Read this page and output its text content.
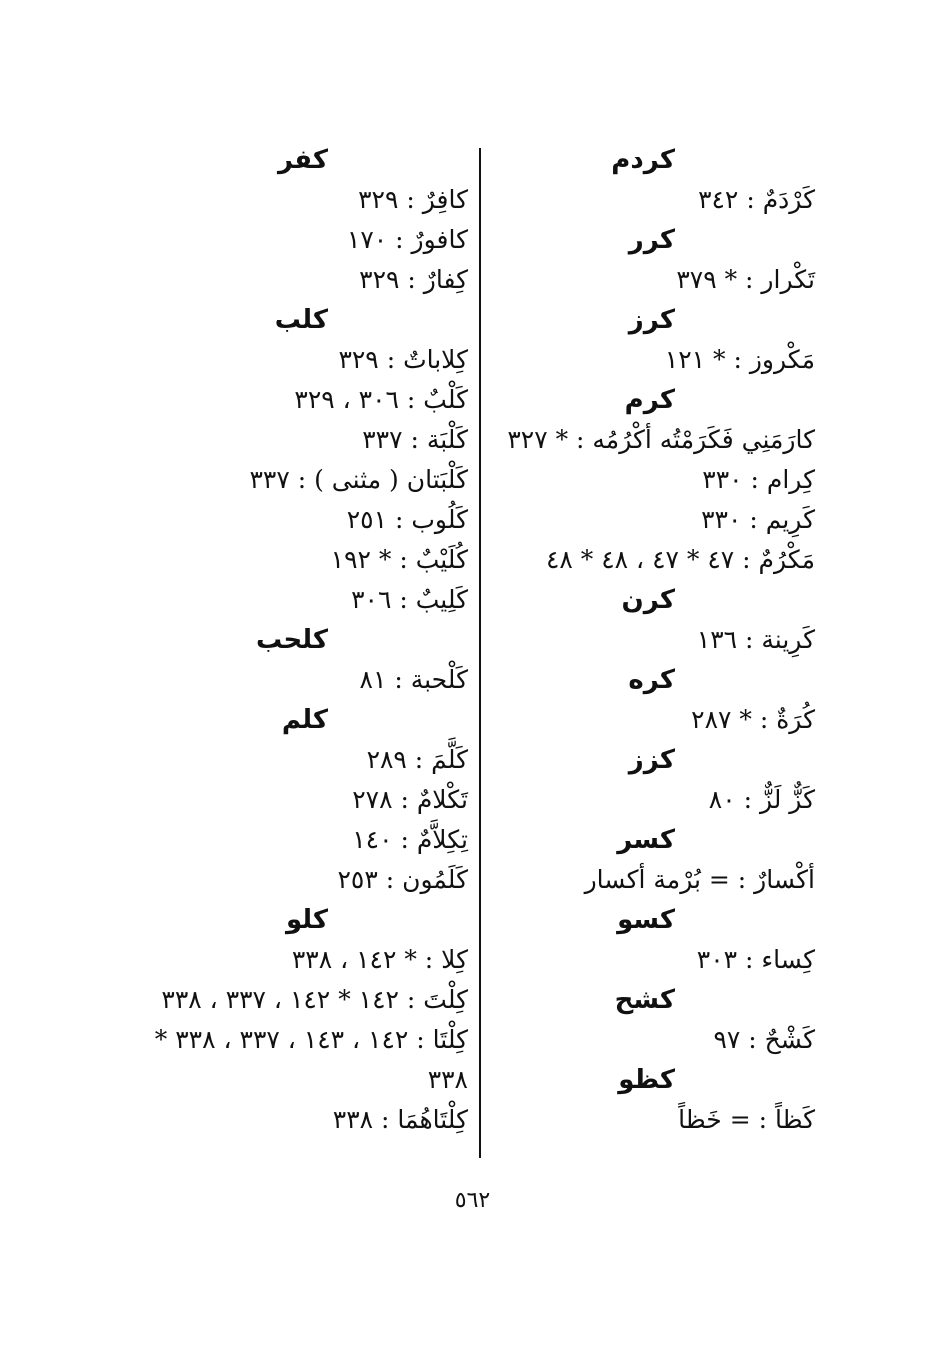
كردم
كَرْدَمٌ : ٣٤٢
كرر
تَكْرار : * ٣٧٩
كرز
مَكْروز : * ١٢١
كرم
كارَمَنِي فَكَرَمْتُه أكْرُمُه : * ٣٢٧
كِرام : ٣٣٠
كَرِيم : ٣٣٠
مَكْرُمٌ : ٤٧ * ٤٧ ، ٤٨ * ٤٨
كرن
كَرِينة : ١٣٦
كره
كُرَةٌ : * ٢٨٧
كزز
كَزٌّ لَزٌّ : ٨٠
كسر
أكْسارٌ : = بُرْمة أكسار
كسو
كِساء : ٣٠٣
كشح
كَشْحٌ : ٩٧
كظو
كَظاً : = خَظاً
كفر
كافِرٌ : ٣٢٩
كافورٌ : ١٧٠
كِفارٌ : ٣٢٩
كلب
كِلاباتٌ : ٣٢٩
كَلْبٌ : ٣٠٦ ، ٣٢٩
كَلْبَة : ٣٣٧
كَلْبَتان ( مثنى ) : ٣٣٧
كَلُوب : ٢٥١
كُلَيْبٌ : * ١٩٢
كَلِيبٌ : ٣٠٦
كلحب
كَلْحبة : ٨١
كلم
كَلَّمَ : ٢٨٩
تَكْلامٌ : ٢٧٨
تِكِلاَّمٌ : ١٤٠
كَلَمُون : ٢٥٣
كلو
كِلا : * ١٤٢ ، ٣٣٨
كِلْتَ : ١٤٢ * ١٤٢ ، ٣٣٧ ، ٣٣٨
كِلْتَا : ١٤٢ ، ١٤٣ ، ٣٣٧ ، ٣٣٨ * ٣٣٨
كِلْتَاهُمَا : ٣٣٨
٥٦٢
